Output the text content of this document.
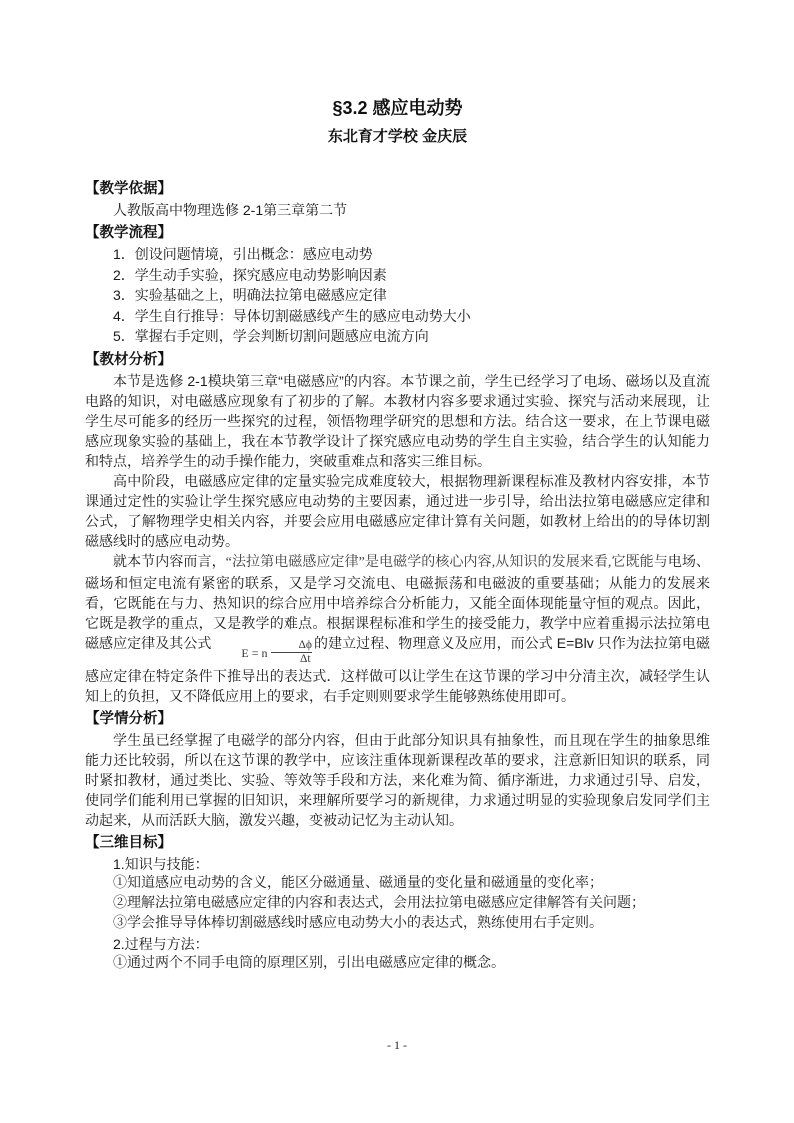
§3.2 感应电动势
东北育才学校 金庆辰
【教学依据】

人教版高中物理选修 2-1第三章第二节

【教学流程】

1．创设问题情境，引出概念：感应电动势

2．学生动手实验，探究感应电动势影响因素

3．实验基础之上，明确法拉第电磁感应定律

4．学生自行推导：导体切割磁感线产生的感应电动势大小

5．掌握右手定则，学会判断切割问题感应电流方向

【教材分析】

本节是选修 2-1模块第三章“电磁感应”的内容。本节课之前，学生已经学习了电场、磁场以及直流电路的知识，对电磁感应现象有了初步的了解。本教材内容多要求通过实验、探究与活动来展现，让学生尽可能多的经历一些探究的过程，领悟物理学研究的思想和方法。结合这一要求，在上节课电磁感应现象实验的基础上，我在本节教学设计了探究感应电动势的学生自主实验，结合学生的认知能力和特点，培养学生的动手操作能力，突破重难点和落实三维目标。

高中阶段，电磁感应定律的定量实验完成难度较大，根据物理新课程标准及教材内容安排，本节课通过定性的实验让学生探究感应电动势的主要因素，通过进一步引导，给出法拉第电磁感应定律和公式，了解物理学史相关内容，并要会应用电磁感应定律计算有关问题，如教材上给出的的导体切割磁感线时的感应电动势。

就本节内容而言，“法拉第电磁感应定律”是电磁学的核心内容,从知识的发展来看,它既能与电场、磁场和恒定电流有紧密的联系，又是学习交流电、电磁振荡和电磁波的重要基础；从能力的发展来看，它既能在与力、热知识的综合应用中培养综合分析能力，又能全面体现能量守恒的观点。因此，它既是教学的重点，又是教学的难点。根据课程标准和学生的接受能力，教学中应着重揭示法拉第电磁感应定律及其公式
E = n $\frac{\Delta\phi}{\Delta t}$ 的建立过程、物理意义及应用，而公式 E=Blv 只作为法拉第电磁感应定律在特定条件下推导出的表达式．这样做可以让学生在这节课的学习中分清主次，减轻学生认知上的负担，又不降低应用上的要求，右手定则则要求学生能够熟练使用即可。

【学情分析】

学生虽已经掌握了电磁学的部分内容，但由于此部分知识具有抽象性，而且现在学生的抽象思维能力还比较弱，所以在这节课的教学中，应该注重体现新课程改革的要求，注意新旧知识的联系，同时紧扣教材，通过类比、实验、等效等手段和方法，来化难为简、循序渐进，力求通过引导、启发，使同学们能利用已掌握的旧知识，来理解所要学习的新规律，力求通过明显的实验现象启发同学们主动起来，从而活跃大脑，激发兴趣，变被动记忆为主动认知。

【三维目标】

1.知识与技能：

①知道感应电动势的含义，能区分磁通量、磁通量的变化量和磁通量的变化率；

②理解法拉第电磁感应定律的内容和表达式，会用法拉第电磁感应定律解答有关问题；

③学会推导导体棒切割磁感线时感应电动势大小的表达式，熟练使用右手定则。

2.过程与方法：

①通过两个不同手电筒的原理区别，引出电磁感应定律的概念。

- 1 -
